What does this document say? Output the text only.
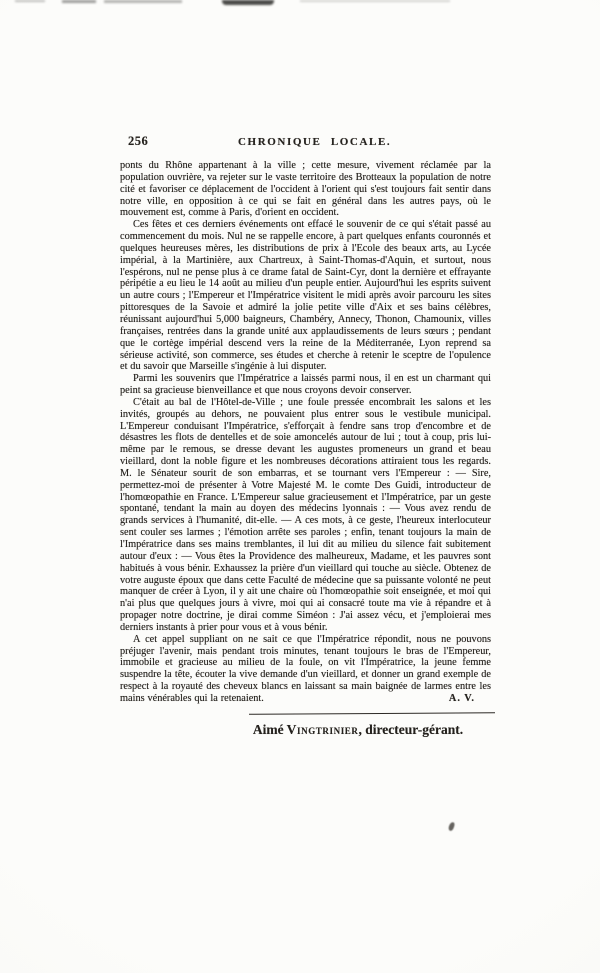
256	CHRONIQUE LOCALE.

ponts du Rhône appartenant à la ville ; cette mesure, vivement réclamée par la population ouvrière, va rejeter sur le vaste territoire des Brotteaux la population de notre cité et favoriser ce déplacement de l'occident à l'orient qui s'est toujours fait sentir dans notre ville, en opposition à ce qui se fait en général dans les autres pays, où le mouvement est, comme à Paris, d'orient en occident.

Ces fêtes et ces derniers événements ont effacé le souvenir de ce qui s'était passé au commencement du mois. Nul ne se rappelle encore, à part quelques enfants couronnés et quelques heureuses mères, les distributions de prix à l'Ecole des beaux arts, au Lycée impérial, à la Martinière, aux Chartreux, à Saint-Thomas-d'Aquin, et surtout, nous l'espérons, nul ne pense plus à ce drame fatal de Saint-Cyr, dont la dernière et effrayante péripétie a eu lieu le 14 août au milieu d'un peuple entier. Aujourd'hui les esprits suivent un autre cours ; l'Empereur et l'Impératrice visitent le midi après avoir parcouru les sites pittoresques de la Savoie et admiré la jolie petite ville d'Aix et ses bains célèbres, réunissant aujourd'hui 5,000 baigneurs, Chambéry, Annecy, Thonon, Chamounix, villes françaises, rentrées dans la grande unité aux applaudissements de leurs sœurs ; pendant que le cortège impérial descend vers la reine de la Méditerranée, Lyon reprend sa sérieuse activité, son commerce, ses études et cherche à retenir le sceptre de l'opulence et du savoir que Marseille s'ingénie à lui disputer.

Parmi les souvenirs que l'Impératrice a laissés parmi nous, il en est un charmant qui peint sa gracieuse bienveillance et que nous croyons devoir conserver.

C'était au bal de l'Hôtel-de-Ville ; une foule pressée encombrait les salons et les invités, groupés au dehors, ne pouvaient plus entrer sous le vestibule municipal. L'Empereur conduisant l'Impératrice, s'efforçait à fendre sans trop d'encombre et de désastres les flots de dentelles et de soie amoncelés autour de lui ; tout à coup, pris lui-même par le remous, se dresse devant les augustes promeneurs un grand et beau vieillard, dont la noble figure et les nombreuses décorations attiraient tous les regards. M. le Sénateur sourit de son embarras, et se tournant vers l'Empereur : — Sire, permettez-moi de présenter à Votre Majesté M. le comte Des Guidi, introducteur de l'homœopathie en France. L'Empereur salue gracieusement et l'Impératrice, par un geste spontané, tendant la main au doyen des médecins lyonnais : — Vous avez rendu de grands services à l'humanité, dit-elle. — A ces mots, à ce geste, l'heureux interlocuteur sent couler ses larmes ; l'émotion arrête ses paroles ; enfin, tenant toujours la main de l'Impératrice dans ses mains tremblantes, il lui dit au milieu du silence fait subitement autour d'eux : — Vous êtes la Providence des malheureux, Madame, et les pauvres sont habitués à vous bénir. Exhaussez la prière d'un vieillard qui touche au siècle. Obtenez de votre auguste époux que dans cette Faculté de médecine que sa puissante volonté ne peut manquer de créer à Lyon, il y ait une chaire où l'homœopathie soit enseignée, et moi qui n'ai plus que quelques jours à vivre, moi qui ai consacré toute ma vie à répandre et à propager notre doctrine, je dirai comme Siméon : J'ai assez vécu, et j'emploierai mes derniers instants à prier pour vous et à vous bénir.

A cet appel suppliant on ne sait ce que l'Impératrice répondit, nous ne pouvons préjuger l'avenir, mais pendant trois minutes, tenant toujours le bras de l'Empereur, immobile et gracieuse au milieu de la foule, on vit l'Impératrice, la jeune femme suspendre la tête, écouter la vive demande d'un vieillard, et donner un grand exemple de respect à la royauté des cheveux blancs en laissant sa main baignée de larmes entre les mains vénérables qui la retenaient.	A. V.
Aimé Vingtrinier, directeur-gérant.
